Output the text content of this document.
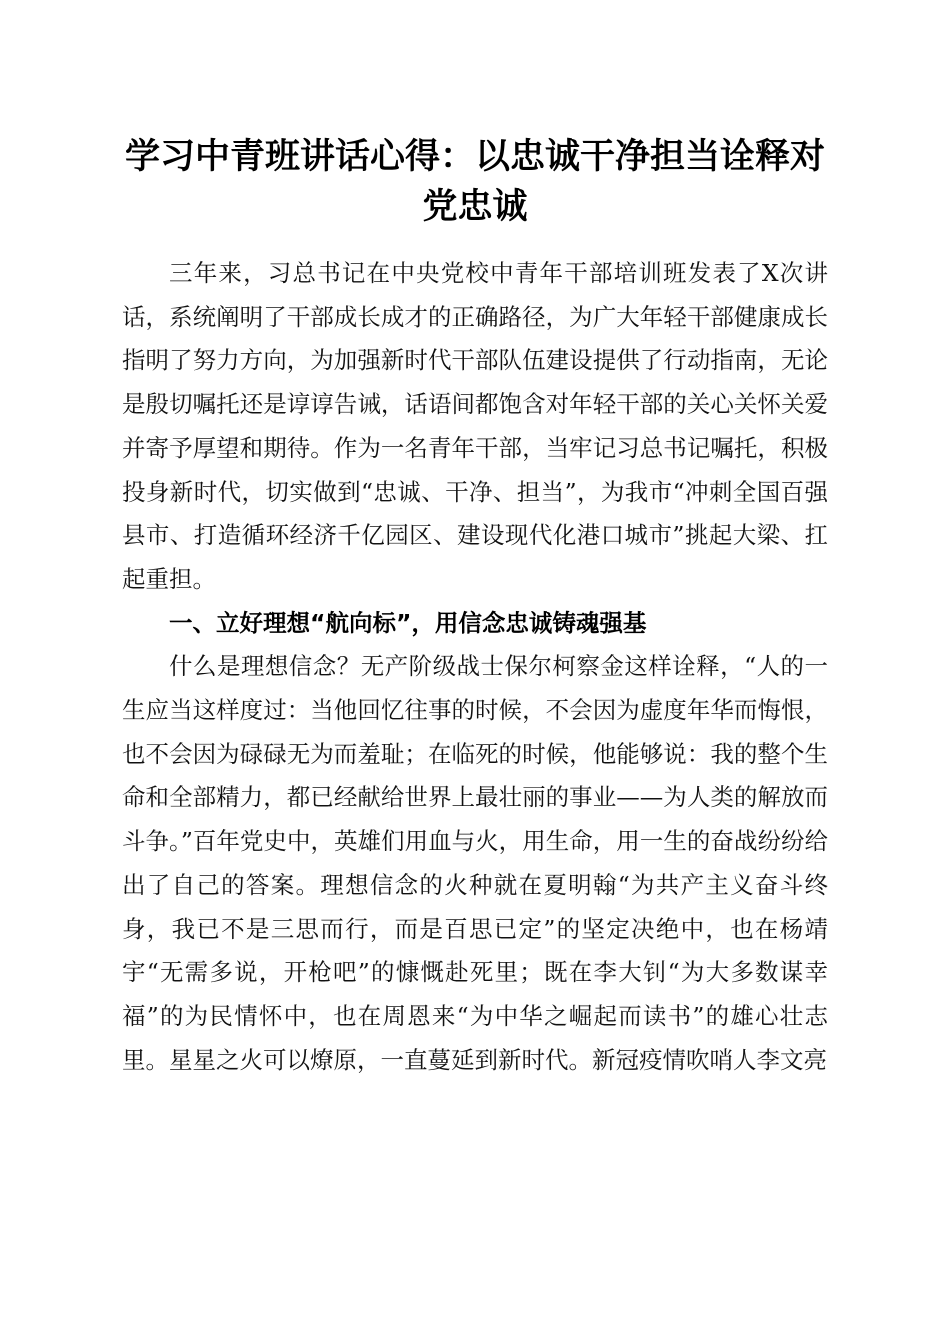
学习中青班讲话心得：以忠诚干净担当诠释对
党忠诚

三年来，习总书记在中央党校中青年干部培训班发表了X次讲话，系统阐明了干部成长成才的正确路径，为广大年轻干部健康成长指明了努力方向，为加强新时代干部队伍建设提供了行动指南，无论是殷切嘱托还是谆谆告诫，话语间都饱含对年轻干部的关心关怀关爱并寄予厚望和期待。作为一名青年干部，当牢记习总书记嘱托，积极投身新时代，切实做到“忠诚、干净、担当”，为我市“冲刺全国百强县市、打造循环经济千亿园区、建设现代化港口城市”挑起大梁、扛起重担。

一、立好理想“航向标”，用信念忠诚铸魂强基

什么是理想信念？无产阶级战士保尔柯察金这样诠释，“人的一生应当这样度过：当他回忆往事的时候，不会因为虚度年华而悔恨，也不会因为碌碌无为而羞耻；在临死的时候，他能够说：我的整个生命和全部精力，都已经献给世界上最壮丽的事业——为人类的解放而斗争。”百年党史中，英雄们用血与火，用生命，用一生的奋战纷纷给出了自己的答案。理想信念的火种就在夏明翰“为共产主义奋斗终身，我已不是三思而行，而是百思已定”的坚定决绝中，也在杨靖宇“无需多说，开枪吧”的慷慨赴死里；既在李大钊“为大多数谋幸福”的为民情怀中，也在周恩来“为中华之崛起而读书”的雄心壮志里。星星之火可以燎原，一直蔓延到新时代。新冠疫情吹哨人李文亮
